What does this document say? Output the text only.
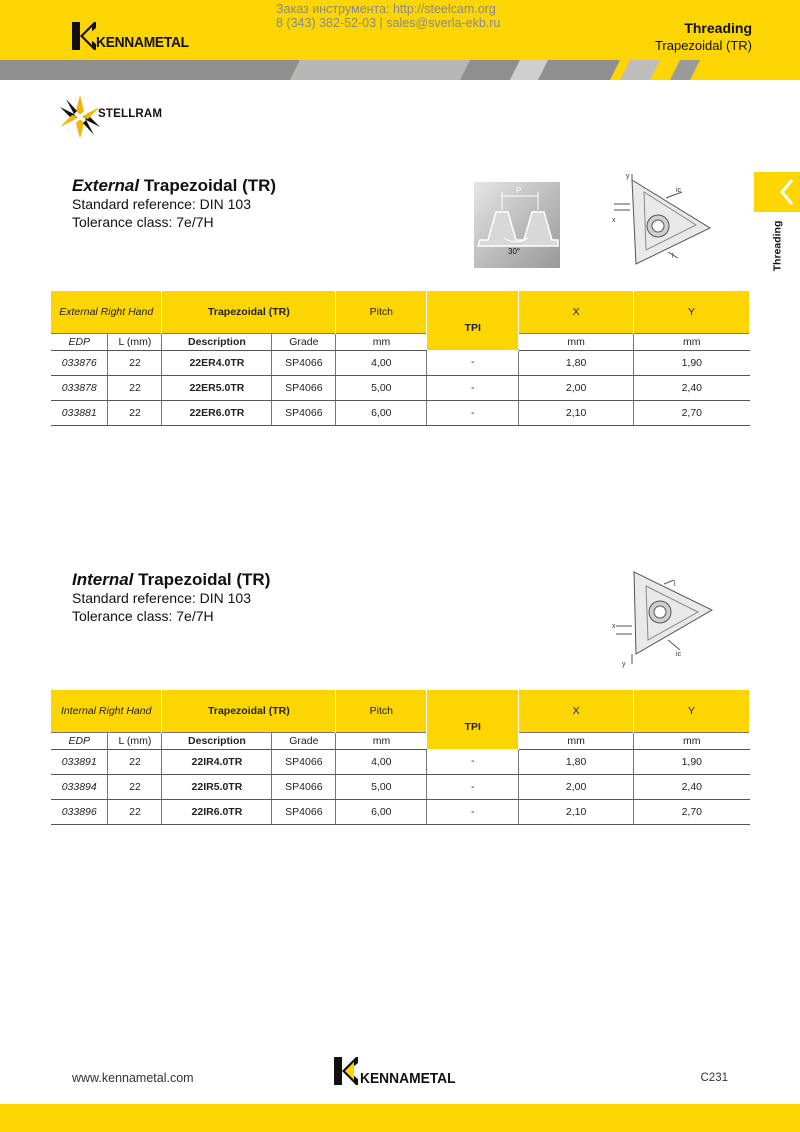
KENNAMETAL
Заказ инструмента: http://steelcam.org
8 (343) 382-52-03 | sales@sverla-ekb.ru	Threading
Trapezoidal (TR)
STELLRAM
Threading
External Trapezoidal (TR)
Standard reference: DIN 103
Tolerance class: 7e/7H
P
30°
y
ic
x
l
External Right Hand		Trapezoidal (TR)		Pitch	TPI	X	Y
EDP	L (mm)	Description	Grade	mm		mm	mm
033876	22	22ER4.0TR	SP4066	4,00	-	1,80	1,90
033878	22	22ER5.0TR	SP4066	5,00	-	2,00	2,40
033881	22	22ER6.0TR	SP4066	6,00	-	2,10	2,70
Internal Trapezoidal (TR)
Standard reference: DIN 103
Tolerance class: 7e/7H
l
x
y
ic
Internal Right Hand		Trapezoidal (TR)		Pitch	TPI	X	Y
EDP	L (mm)	Description	Grade	mm		mm	mm
033891	22	22IR4.0TR	SP4066	4,00	-	1,80	1,90
033894	22	22IR5.0TR	SP4066	5,00	-	2,00	2,40
033896	22	22IR6.0TR	SP4066	6,00	-	2,10	2,70
www.kennametal.com	KENNAMETAL	C231
